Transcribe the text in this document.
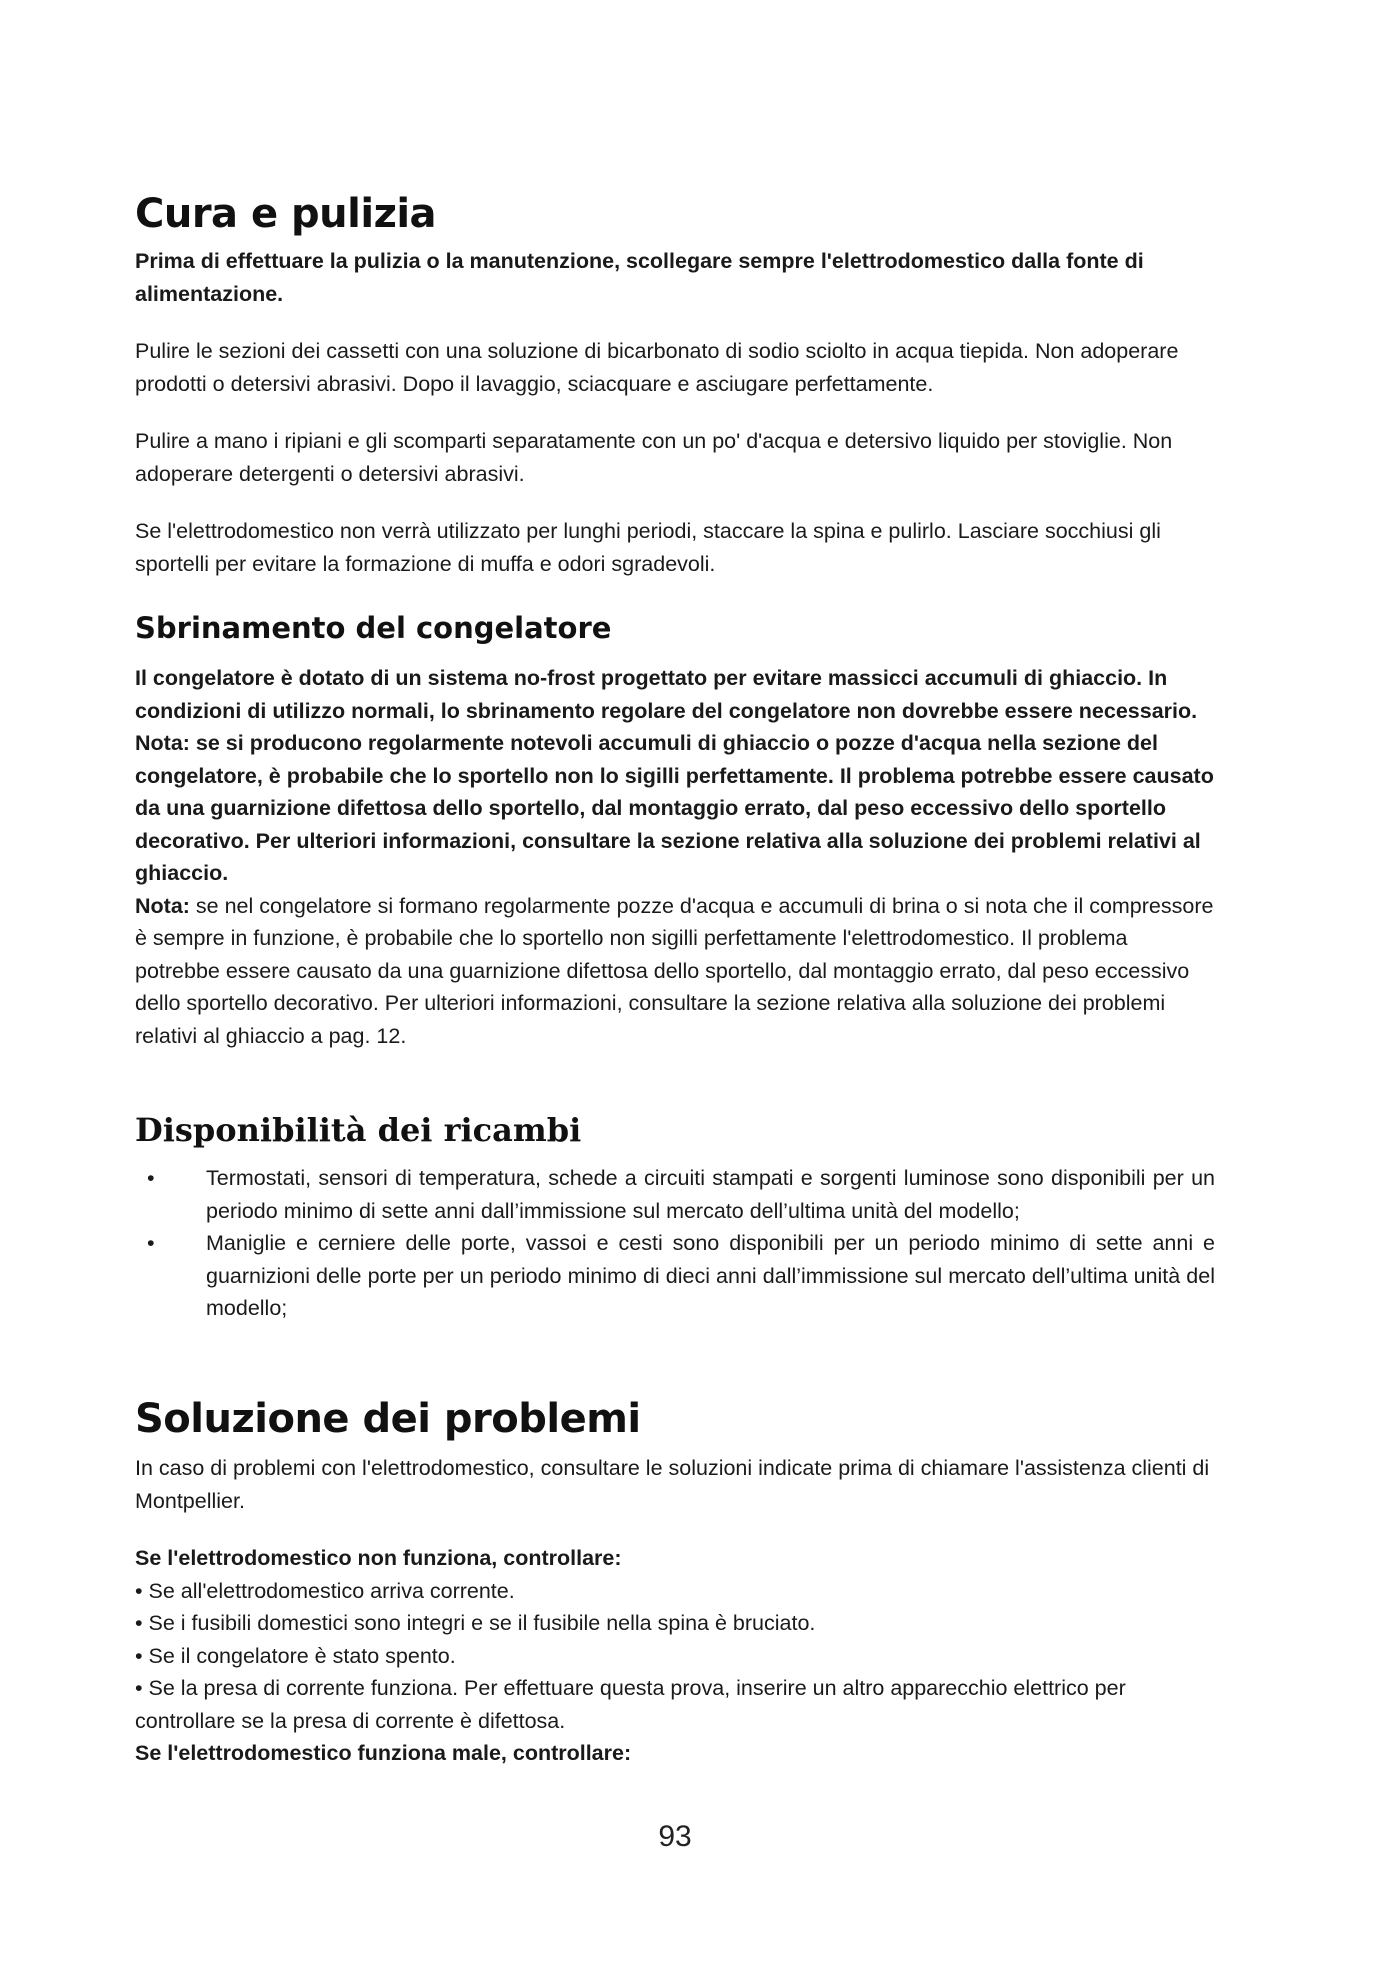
Cura e pulizia

Prima di effettuare la pulizia o la manutenzione, scollegare sempre l'elettrodomestico dalla fonte di alimentazione.

Pulire le sezioni dei cassetti con una soluzione di bicarbonato di sodio sciolto in acqua tiepida. Non adoperare prodotti o detersivi abrasivi. Dopo il lavaggio, sciacquare e asciugare perfettamente.

Pulire a mano i ripiani e gli scomparti separatamente con un po' d'acqua e detersivo liquido per stoviglie. Non adoperare detergenti o detersivi abrasivi.

Se l'elettrodomestico non verrà utilizzato per lunghi periodi, staccare la spina e pulirlo. Lasciare socchiusi gli sportelli per evitare la formazione di muffa e odori sgradevoli.

Sbrinamento del congelatore

Il congelatore è dotato di un sistema no-frost progettato per evitare massicci accumuli di ghiaccio. In condizioni di utilizzo normali, lo sbrinamento regolare del congelatore non dovrebbe essere necessario.

Nota: se si producono regolarmente notevoli accumuli di ghiaccio o pozze d'acqua nella sezione del congelatore, è probabile che lo sportello non lo sigilli perfettamente. Il problema potrebbe essere causato da una guarnizione difettosa dello sportello, dal montaggio errato, dal peso eccessivo dello sportello decorativo. Per ulteriori informazioni, consultare la sezione relativa alla soluzione dei problemi relativi al ghiaccio.

Nota: se nel congelatore si formano regolarmente pozze d'acqua e accumuli di brina o si nota che il compressore è sempre in funzione, è probabile che lo sportello non sigilli perfettamente l'elettrodomestico. Il problema potrebbe essere causato da una guarnizione difettosa dello sportello, dal montaggio errato, dal peso eccessivo dello sportello decorativo. Per ulteriori informazioni, consultare la sezione relativa alla soluzione dei problemi relativi al ghiaccio a pag. 12.

Disponibilità dei ricambi
• Termostati, sensori di temperatura, schede a circuiti stampati e sorgenti luminose sono disponibili per un periodo minimo di sette anni dall’immissione sul mercato dell’ultima unità del modello;
• Maniglie e cerniere delle porte, vassoi e cesti sono disponibili per un periodo minimo di sette anni e guarnizioni delle porte per un periodo minimo di dieci anni dall’immissione sul mercato dell’ultima unità del modello;
Soluzione dei problemi

In caso di problemi con l'elettrodomestico, consultare le soluzioni indicate prima di chiamare l'assistenza clienti di Montpellier.

Se l'elettrodomestico non funziona, controllare:

• Se all'elettrodomestico arriva corrente.

• Se i fusibili domestici sono integri e se il fusibile nella spina è bruciato.

• Se il congelatore è stato spento.

• Se la presa di corrente funziona. Per effettuare questa prova, inserire un altro apparecchio elettrico per controllare se la presa di corrente è difettosa.

Se l'elettrodomestico funziona male, controllare:

93
